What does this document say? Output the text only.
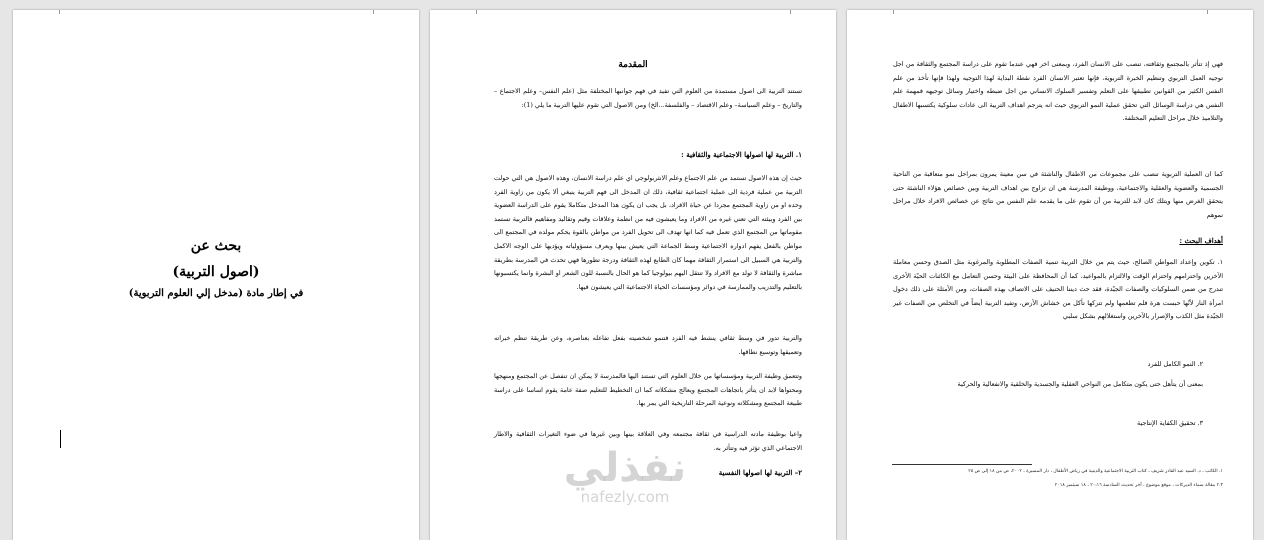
بحث عن
(اصول التربية)
في إطار مادة (مدخل إلي العلوم التربوية)
المقدمة
تستند التربية الى اصول مستمدة من العلوم التي تفيد في فهم جوانبها المختلفة مثل (علم النفس– وعلم الاجتماع – والتاريخ – وعلم السياسة– وعلم الاقتصاد – والفلسفة...الخ) ومن الاصول التي تقوم عليها التربية ما يلي (1):
١. التربية لها اصولها الاجتماعية والثقافية :
حيث إن هذه الاصول تستمد من علم الاجتماع وعلم الانثربولوجي اي علم دراسة الانسان، وهذه الاصول هي التي حولت التربية من عملية فردية الى عملية اجتماعية ثقافية، ذلك ان المدخل الى فهم التربية ينبغي ألا يكون من زاوية الفرد وحده او من زاوية المجتمع مجردا عن حياة الافراد، بل يجب ان يكون هذا المدخل متكاملا يقوم على الدراسة العضوية بين الفرد وبيئته التي تعني غيره من الافراد وما يعيشون فيه من انظمة وعلاقات وقيم وتقاليد ومفاهيم فالتربية تستمد مقوماتها من المجتمع الذي تعمل فيه كما انها تهدف الى تحويل الفرد من مواطن بالقوة يحكم مولده في المجتمع الى مواطن بالفعل يفهم ادواره الاجتماعية وسط الجماعة التي يعيش بينها ويعرف مسؤولياته ويؤديها على الوجه الاكمل والتربية هي السبيل الى استمرار الثقافة مهما كان الطابع لهذه الثقافة ودرجة تطورها فهي تحدث في المدرسة بطريقة مباشرة والثقافة لا تولد مع الافراد ولا تنتقل اليهم بيولوجيا كما هو الحال بالنسبة للون الشعر او البشرة وانما يكتسبونها بالتعليم والتدريب والممارسة في دوائر ومؤسسات الحياة الاجتماعية التي يعيشون فيها.
والتربية تدور في وسط ثقافي ينشط فيه الفرد فتنمو شخصيته بفعل تفاعله بعناصره، وعن طريقة تنظم خبراته وتعميقها وتوسيع نطاقها.
وتتعمق وظيفة التربية ومؤسساتها من خلال العلوم التي تستند اليها فالمدرسة لا يمكن ان تنفصل عن المجتمع ومنهجها ومحتواها لابد ان يتأثر باتجاهات المجتمع ويعالج مشكلاته كما ان التخطيط للتعليم صفة عامة يقوم اساسا على دراسة طبيعة المجتمع ومشكلاته ونوعية المرحلة التاريخية التي يمر بها.
واعيا بوظيفة مادته الدراسية في ثقافة مجتمعه وفي العلاقة بينها وبين غيرها في ضوء التغيرات الثقافية والاطار الاجتماعي الذي تؤثر فيه وتتأثر به.
٢– التربية لها اصولها النفسية
فهي إذ تتأثر بالمجتمع وثقافته، تنصب على الانسان الفرد، وبمعنى اخر فهي عندما تقوم على دراسة المجتمع والثقافة من اجل توجيه العمل التربوي وتنظيم الخبرة التربوية، فإنها تعتبر الانسان الفرد نقطة البداية لهذا التوجيه ولهذا فإنها تأخذ من علم النفس الكثير من القوانين تطبيقها على التعلم وتفسير السلوك الانساني من اجل ضبطه واختيار وسائل توجيهه فمهمة علم النفس هي دراسة الوسائل التي تحقق عملية النمو التربوي حيث انه يترجم اهداف التربية الى عادات سلوكية يكتسبها الاطفال والتلاميذ خلال مراحل التعليم المختلفة.
كما ان العملية التربوية تنصب على مجموعات من الاطفال والناشئة في سن معينة يمرون بمراحل نمو متعاقبة من الناحية الجسمية والعضوية والعقلية والاجتماعية، ووظيفة المدرسة هي ان تزاوج بين اهداف التربية وبين خصائص هؤلاء الناشئة حتى يتحقق الغرض منها ويتلك كان لابد للتربية من أن تقوم على ما يقدمه علم النفس من نتائج عن خصائص الافراد خلال مراحل نموهم
أهداف البحث :
١. تكوين وإعداد المواطن الصالح، حيث يتم من خلال التربية تنمية الصفات المطلوبة والمرغوبة مثل الصدق وحسن معاملة الآخرين واحترامهم واحترام الوقت والالتزام بالمواعيد، كما أن المحافظة على البيئة وحسن التعامل مع الكائنات الحيّة الأخرى تندرج من ضمن السلوكيات والصفات الجيّدة، فقد حث ديننا الحنيف على الاتصاف بهذه الصفات، ومن الأمثلة على ذلك دخول امرأة النار لأنّها حبست هرة فلم تطعمها ولم تتركها تأكل من خشاش الأرض، وتفيد التربية أيضاً في التخلص من الصفات غير الجيّدة مثل الكذب والإصرار بالآخرين واستغلالهم بشكل سلبي
٢. النمو الكامل للفرد
بمعنى أن يتأهل حتى يكون متكامل من النواحي العقلية والجسدية والخلقية والانفعالية والحركية
٣. تحقيق الكفاية الإنتاجية
١. الكاتب ، د. السيد عبد القادر شريف ، كتاب التربية الاجتماعية والدينية في رياض الأطفال ، دار المسيرة ، ٢٠٠٢، ص من ١٨ إلى ص ٢٥
٢.٣ مقالة سماء الديركات ، موقع موضوع ، آخر تحديث السادسة ٢٠:١٦ ، ١٨ سبتمبر ٢٠١٨
نفذلي
nafezly.com
